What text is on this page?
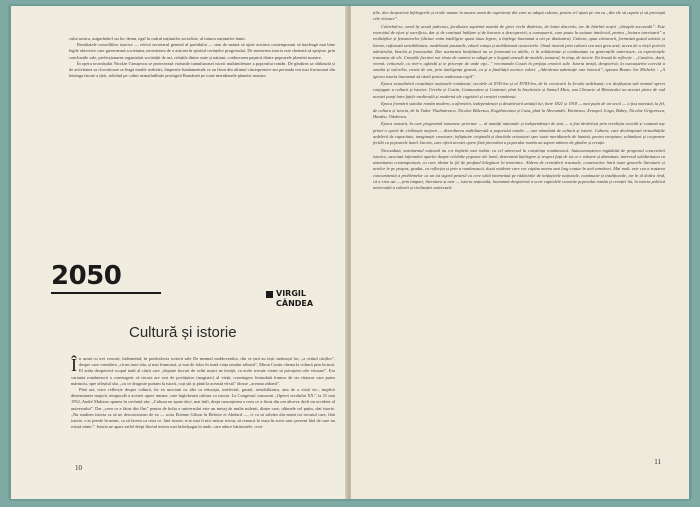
cului nostru, asigurîndu-l un loc demn, egal în cadrul națiunilor socialiste, al tuturor națiunilor lumii.

Rezultatele concelliilor istorice — relevă secretarul general al partidului — stau de natură să ajute oricărui contemporani să înțeleagă mai bine legile obiective care guvernează societatea, necesitatea de a acționa în spiritul cerințelor progresului. De asemenea istoria este chemată să sprijine, prin concluziile sale, perfecționarea organizării societății de azi, relațiile dintre state și națiuni, conlucrarea pașnică dintre popoarele planetei noastre.

În opera tovarășului Nicolae Ceaușescu se proiectează viziunile tumultuoasei istorii multimilenare a poporului român. De gîndirea sa chibzuită și de activitatea sa clocotitoare se leagă marile realizări, limpezite fundamentale ce au făcut din ultimul cincisprezece ani perioada cea mai fructuoasă din întreaga istorie a țării, ridicînd pe culmi nemaiîntîlnite prestigiul României pe toate meridianele planetei noastre.

2050
VIRGIL
CÂNDEA
Cultură și istorie

În urmă cu trei veacuri, îndemnînd, în predoslovia scrierii sale De neamul moldovenilor, din ce țară au ieșit strămoșii lor, „a cetitul cărților”, despre care considera „că nu iaste alta, și mai frumoasă, și mai de folos în toată viața omului zăbavă”, Miron Costin chema la cultură prin lectură. El arăta deopotrivă scopul inalt al cărții care „departe lucruri de ochii noștri ne învăță, cu acele trecute vremi să pricepem cele viitoare”. Era varianta românească a convingerii că istoria are rost de povățuitor (magister) al vieții, convingere formulată frumos de un cărturar care putea mărturisi, spre sfîrșitul său, „cu ce dragoste purtam la istorii, cuți știi și până la această vîrstă” făcuse „aceasta zăbavă”.

Pînă azi, orice reflecție despre cultură, fie ea asociată cu idei ca educația, intelectul, gustul, sensibilitatea, arta de a vieții etc., implică dimensiunea majoră, temporală a acestei opere umane, care înglobează cultura cu istoria. La Congresul consacrat „Operei secolului XX”, la 31 mai 1952, André Malraux spunea în cuvîntul său: „Cultura ne apare deci, mai întîi, drept cunoașterea a ceea ce a făcut din om altceva decît un accident al universului”. Dar „ceea ce a făcut din Om” pentru de bolta a universului este un mesaj de multe milenii, dintre care, ultimele cel puțin, sînt istorie. „Nu studiem istoria ca să ne deocotoroism de ea — scria Etienne Gilson în Heloise et Abelard —, ci ca să salvăm din neant tot trecutul care, fără istorie, s-ar pierde în neant, ca să facem ca ceea ce, fără istorie, n-ar mai fi nici măcar trecut, să renască la viața în acest unic prezent fără de care nu există nimic”. Istoria ne apare astfel drept fluviul mereu mai îmbelșugat în unde, care aduce bărăruirele, crea-

10

țiile, dar deopotrivă înfrîngerile și eroile umane în marea urmă de experiențe din care se adapă cultura, pentru a-l ajuta pe om ca „din ele să capete și să priceapă cele viitoare”.

Cultivînd-se, omul își acută judecata, facultatea supremă numită de greci vechi diakrisis, de latini discretio, iar de bătrînii noștri „dreaptă socoteală”. Este exercițiul de efort și sacrificiu, dar și de continuă înălțare și de bucurie a descoperirii, a cunoașterii, care poate în acțiune inteleciul, pentru „lectura interioară” a realităților și fenomenelor (dicitur enim intelligere quasi intus legere, a înțelege înseamnă a citi pe dinăuntru). Cultura, spun cărturarii, formează gustul artistic și literar, rafinează sensibilitatea, modelează pasiunile, educă voința și mobilizează caracterele. Omul instruit prin cultură cea mai grea artă, aceea de a vieții potrivit adevărului, binelui și frumosului. Dar asemenea învățătură nu se formează ex nihilo, ci în solidaritate și continuitate cu generațiile anterioare, cu experiențele transmise de ele. Creațiile fiecărei noi vîrste de oameni se adapă pe o bogată urzeală de modele, tezaurul, în timp, de istorie. Ea învață în reflecție : „Caută-te, dară, vremii, cetitorule, cu intr-o oglindă și te priceepe de unde eșți...” recomanda Costin în prefața cronicii sale. Istoria inviță, deopotrivă, la cunoașterea corectă a omului și valorilor, create de om, prin inteligența geneză, ca și a finalității acestor calori. „Adevărata admirație este istorică”, spunea Renan. Iar Michelet : „A ignora istoria înseamnă să rămîi pentru totdeauna copil”.

Epoca actualizării conștiinței naționale românești, secolele al XVII-lea și al XVIII-lea, de la cronicarii la Școala ardeleană, s-a desfășurat sub semnul operei conjugate a culturii și istoriei. Ureche și Costin, Cantacuzino și Cantemir, pînă la Inochentie și Samuil Micu, sau Chesarie al Rîmnicului au acestei pietre de vad acestei punți între fațele medievală și modernă ale cugetării și creației românești.

Epoca formării statului român modern, a afirmării, independenței și desăvîrșirii unității lui, între 1821 și 1918 — mai puțin de un secol — a fost marcată, la fel, de cultura și istoria, de la Tudor Vladimirescu, Nicolae Bălcescu, Kogălniceanu și Cuza, pînă la Alecsandri, Eminescu, Xenopol, Iorga, Babeș, Nicolae Grigorescu, Hasdeu, Odobescu.

Epoca noastră, în care programul romanesc prioritar — al unității naționale și independenței de stat — a fost desăvîrșit prin revoluția socială și comună așe printr-o operă de civilizație majoră — dezvoltarea multilaterală a poporului român — este stimulată de cultură și istorie. Cultura, care declanșează virtualitățile ardelerii de capacitate, imaginație creatoare, înfăptuire originală și deschide orizonturi spre toate meridianele de lumină, pentru receptare, schimburi și cooperare fertilă cu popoarele lumii. Istoria, care oferă acestei opere fără precedent a poporului român un suport mînear de gîndire și creație.

Nicioadată, sentimentul național nu s-a împletit mai rodnic cu cel universal în conștiința românească. Autocunoașterea ingăduită de progresul concertării istorice, asociată informării aparite despre celelalte popoare ale lumii, determină înțelegere și respect față de tot ce e valoare și demnitate, interesul solidaritatea cu umanitatea contemporană, cu care ideam la fel de profund înlegături la temeinice. Aldeva de crestiderii tractuale, constructive întră toate genurile literaturii și artelor le pe propus, gradat, ca reflecția și prin a românească, două evidente care vor căpăta mereu mai larg contur în anii următori. Mai mult, este cea a tratarea concomitentă a problemelor ca un tot sigură pentrul ca cere solid intemeiată pe rădăcinile de inițiațivele naționale, continuate și tradiționale, iar în al doilea rînd, că a crea azi — prin timpuri, literatura și arte — istoria națională, înseamnă deopotrivă a scrie capitolele cuvenite poporului român și creației lui, în istoria politică universală a culturii și civilizației universale.

11
